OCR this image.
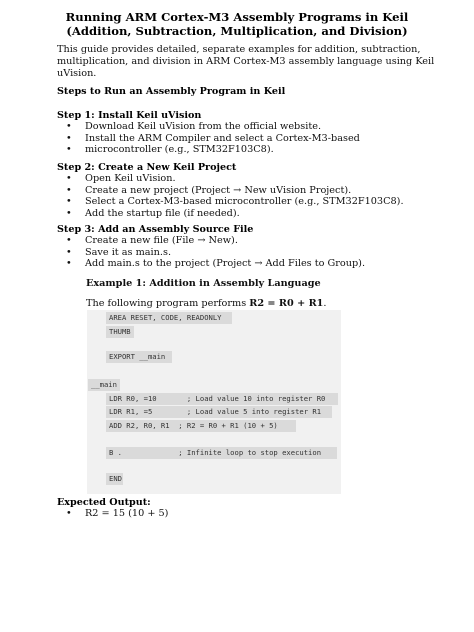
Running ARM Cortex-M3 Assembly Programs in Keil
(Addition, Subtraction, Multiplication, and Division)
This guide provides detailed, separate examples for addition, subtraction,
multiplication, and division in ARM Cortex-M3 assembly language using Keil
uVision.
Steps to Run an Assembly Program in Keil
Step 1: Install Keil uVision
• Download Keil uVision from the official website.
• Install the ARM Compiler and select a Cortex-M3-based
• microcontroller (e.g., STM32F103C8).
Step 2: Create a New Keil Project
• Open Keil uVision.
• Create a new project (Project → New uVision Project).
• Select a Cortex-M3-based microcontroller (e.g., STM32F103C8).
• Add the startup file (if needed).
Step 3: Add an Assembly Source File
• Create a new file (File → New).
• Save it as main.s.
• Add main.s to the project (Project → Add Files to Group).
Example 1: Addition in Assembly Language
The following program performs R2 = R0 + R1.
AREA RESET, CODE, READONLY
THUMB
EXPORT __main
__main
LDR R0, =10       ; Load value 10 into register R0
LDR R1, =5        ; Load value 5 into register R1
ADD R2, R0, R1  ; R2 = R0 + R1 (10 + 5)
B .             ; Infinite loop to stop execution
END
Expected Output:
• R2 = 15 (10 + 5)
